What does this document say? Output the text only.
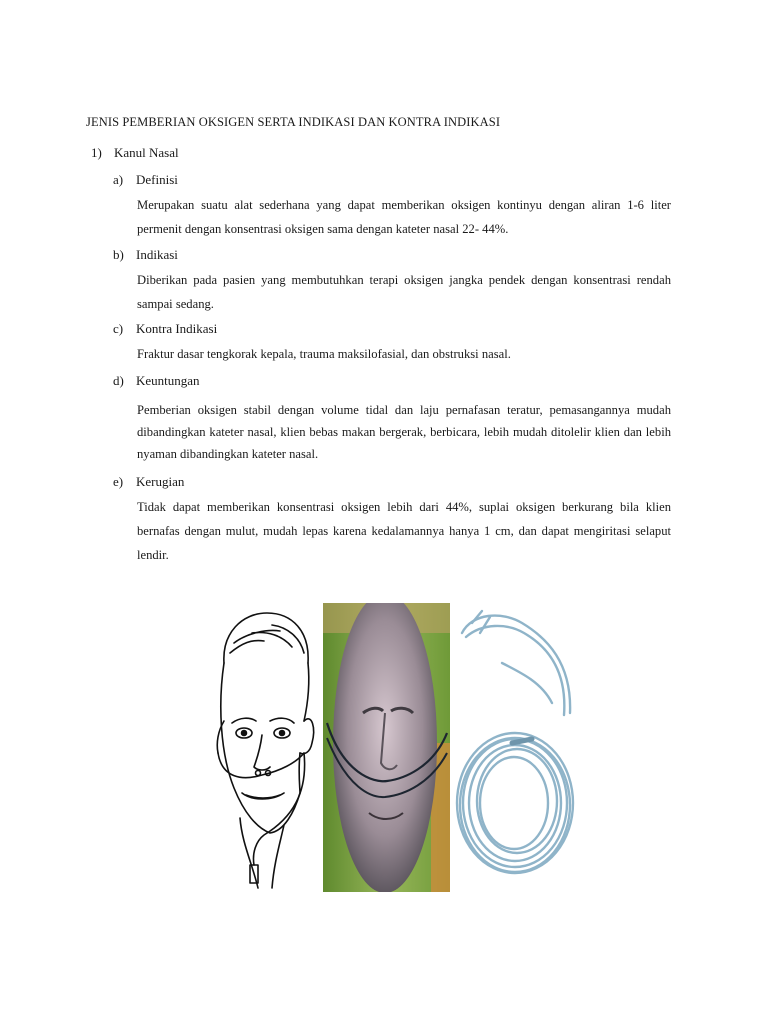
JENIS PEMBERIAN OKSIGEN SERTA INDIKASI DAN KONTRA INDIKASI
1) Kanul Nasal
a) Definisi
Merupakan suatu alat sederhana yang dapat memberikan oksigen kontinyu dengan aliran 1-6 liter permenit dengan konsentrasi oksigen sama dengan kateter nasal 22- 44%.
b) Indikasi
Diberikan pada pasien yang membutuhkan terapi oksigen jangka pendek dengan konsentrasi rendah sampai sedang.
c) Kontra Indikasi
Fraktur dasar tengkorak kepala, trauma maksilofasial, dan obstruksi nasal.
d) Keuntungan
Pemberian oksigen stabil dengan volume tidal dan laju pernafasan teratur, pemasangannya mudah dibandingkan kateter nasal, klien bebas makan bergerak, berbicara, lebih mudah ditolelir klien dan lebih nyaman dibandingkan kateter nasal.
e) Kerugian
Tidak dapat memberikan konsentrasi oksigen lebih dari 44%, suplai oksigen berkurang bila klien bernafas dengan mulut, mudah lepas karena kedalamannya hanya 1 cm, dan dapat mengiritasi selaput lendir.
